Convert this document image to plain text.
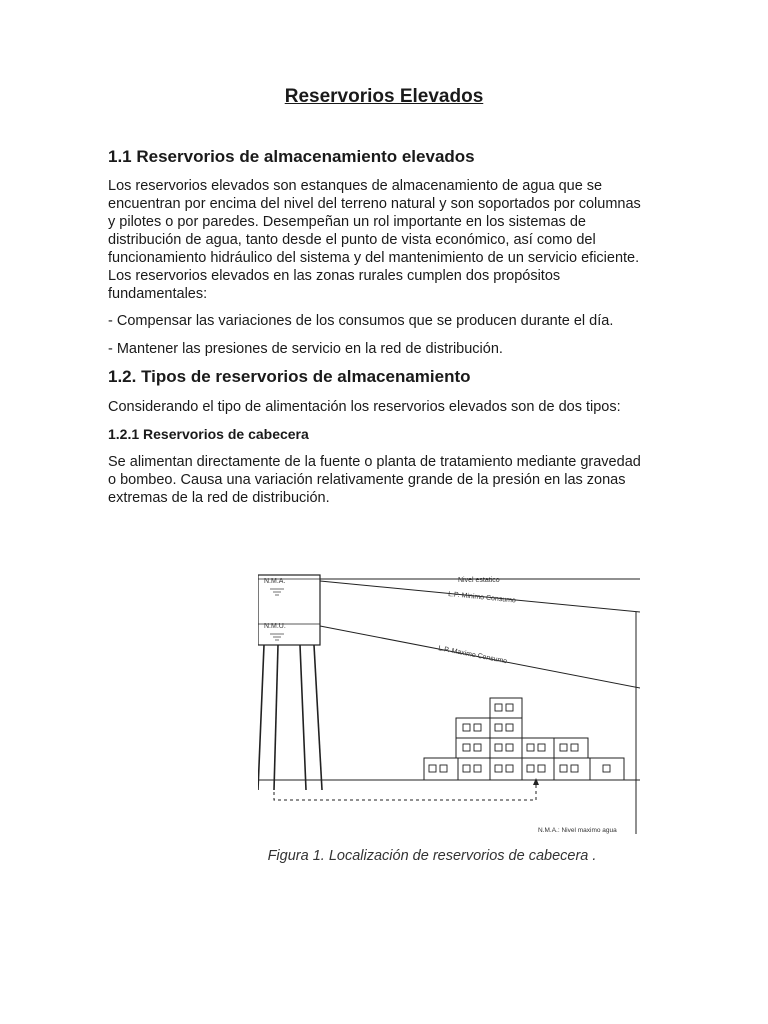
Reservorios Elevados
1.1 Reservorios de almacenamiento elevados
Los reservorios elevados son estanques de almacenamiento de agua que se encuentran por encima del nivel del terreno natural y son soportados por columnas y pilotes o por paredes. Desempeñan un rol importante en los sistemas de distribución de agua, tanto desde el punto de vista económico, así como del funcionamiento hidráulico del sistema y del mantenimiento de un servicio eficiente. Los reservorios elevados en las zonas rurales cumplen dos propósitos fundamentales:
- Compensar las variaciones de los consumos que se producen durante el día.
- Mantener las presiones de servicio en la red de distribución.
1.2. Tipos de reservorios de almacenamiento
Considerando el tipo de alimentación los reservorios elevados son de dos tipos:
1.2.1 Reservorios de cabecera
Se alimentan directamente de la fuente o planta de tratamiento mediante gravedad o bombeo. Causa una variación relativamente grande de la presión en las zonas extremas de la red de distribución.
N.M.A.
N.M.U.
Nivel estatico
L.P. Minimo Consumo
L.P. Maximo Consumo
N.M.A.: Nivel maximo agua
Figura 1. Localización de reservorios de cabecera .
